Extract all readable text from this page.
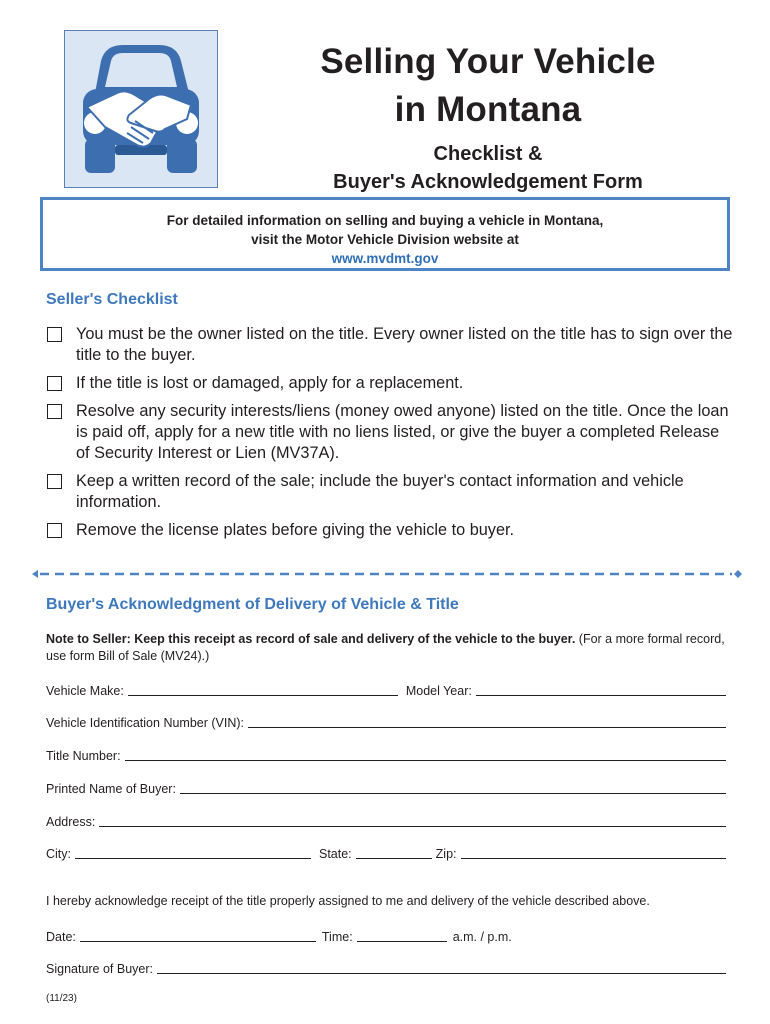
Selling Your Vehicle
in Montana
Checklist &
Buyer's Acknowledgement Form
For detailed information on selling and buying a vehicle in Montana,
visit the Motor Vehicle Division website at
www.mvdmt.gov
Seller's Checklist
You must be the owner listed on the title. Every owner listed on the title has to sign over the title to the buyer.
If the title is lost or damaged, apply for a replacement.
Resolve any security interests/liens (money owed anyone) listed on the title. Once the loan is paid off, apply for a new title with no liens listed, or give the buyer a completed Release of Security Interest or Lien (MV37A).
Keep a written record of the sale; include the buyer's contact information and vehicle information.
Remove the license plates before giving the vehicle to buyer.
Buyer's Acknowledgment of Delivery of Vehicle & Title
Note to Seller: Keep this receipt as record of sale and delivery of the vehicle to the buyer. (For a more formal record, use form Bill of Sale (MV24).)
Vehicle Make:	Model Year:
Vehicle Identification Number (VIN):
Title Number:
Printed Name of Buyer:
Address:
City:	State:	Zip:
I hereby acknowledge receipt of the title properly assigned to me and delivery of the vehicle described above.
Date:	Time:	a.m. / p.m.
Signature of Buyer:
(11/23)
